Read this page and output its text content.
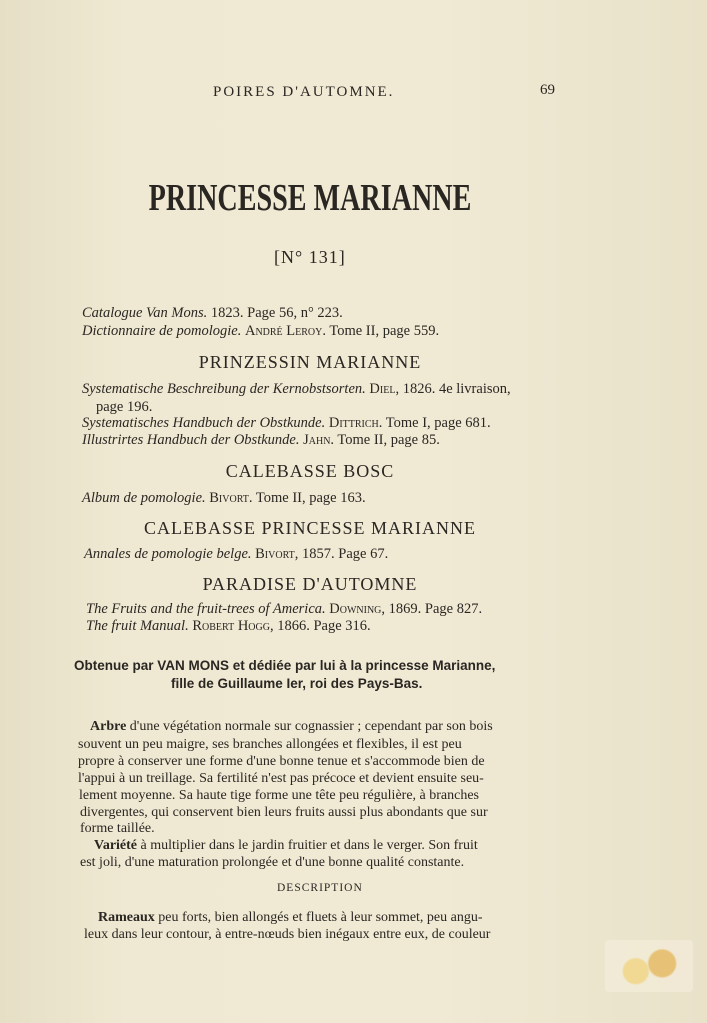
POIRES D'AUTOMNE.	69
PRINCESSE MARIANNE
[N° 131]
Catalogue Van Mons. 1823. Page 56, n° 223.
Dictionnaire de pomologie. André Leroy. Tome II, page 559.
PRINZESSIN MARIANNE
Systematische Beschreibung der Kernobstsorten. Diel, 1826. 4e livraison,
page 196.
Systematisches Handbuch der Obstkunde. Dittrich. Tome I, page 681.
Illustrirtes Handbuch der Obstkunde. Jahn. Tome II, page 85.
CALEBASSE BOSC
Album de pomologie. Bivort. Tome II, page 163.
CALEBASSE PRINCESSE MARIANNE
Annales de pomologie belge. Bivort, 1857. Page 67.
PARADISE D'AUTOMNE
The Fruits and the fruit-trees of America. Downing, 1869. Page 827.
The fruit Manual. Robert Hogg, 1866. Page 316.
Obtenue par VAN MONS et dédiée par lui à la princesse Marianne,
fille de Guillaume Ier, roi des Pays-Bas.
Arbre d'une végétation normale sur cognassier ; cependant par son bois
souvent un peu maigre, ses branches allongées et flexibles, il est peu
propre à conserver une forme d'une bonne tenue et s'accommode bien de
l'appui à un treillage. Sa fertilité n'est pas précoce et devient ensuite seu-
lement moyenne. Sa haute tige forme une tête peu régulière, à branches
divergentes, qui conservent bien leurs fruits aussi plus abondants que sur
forme taillée.
Variété à multiplier dans le jardin fruitier et dans le verger. Son fruit
est joli, d'une maturation prolongée et d'une bonne qualité constante.
DESCRIPTION
Rameaux peu forts, bien allongés et fluets à leur sommet, peu angu-
leux dans leur contour, à entre-nœuds bien inégaux entre eux, de couleur
